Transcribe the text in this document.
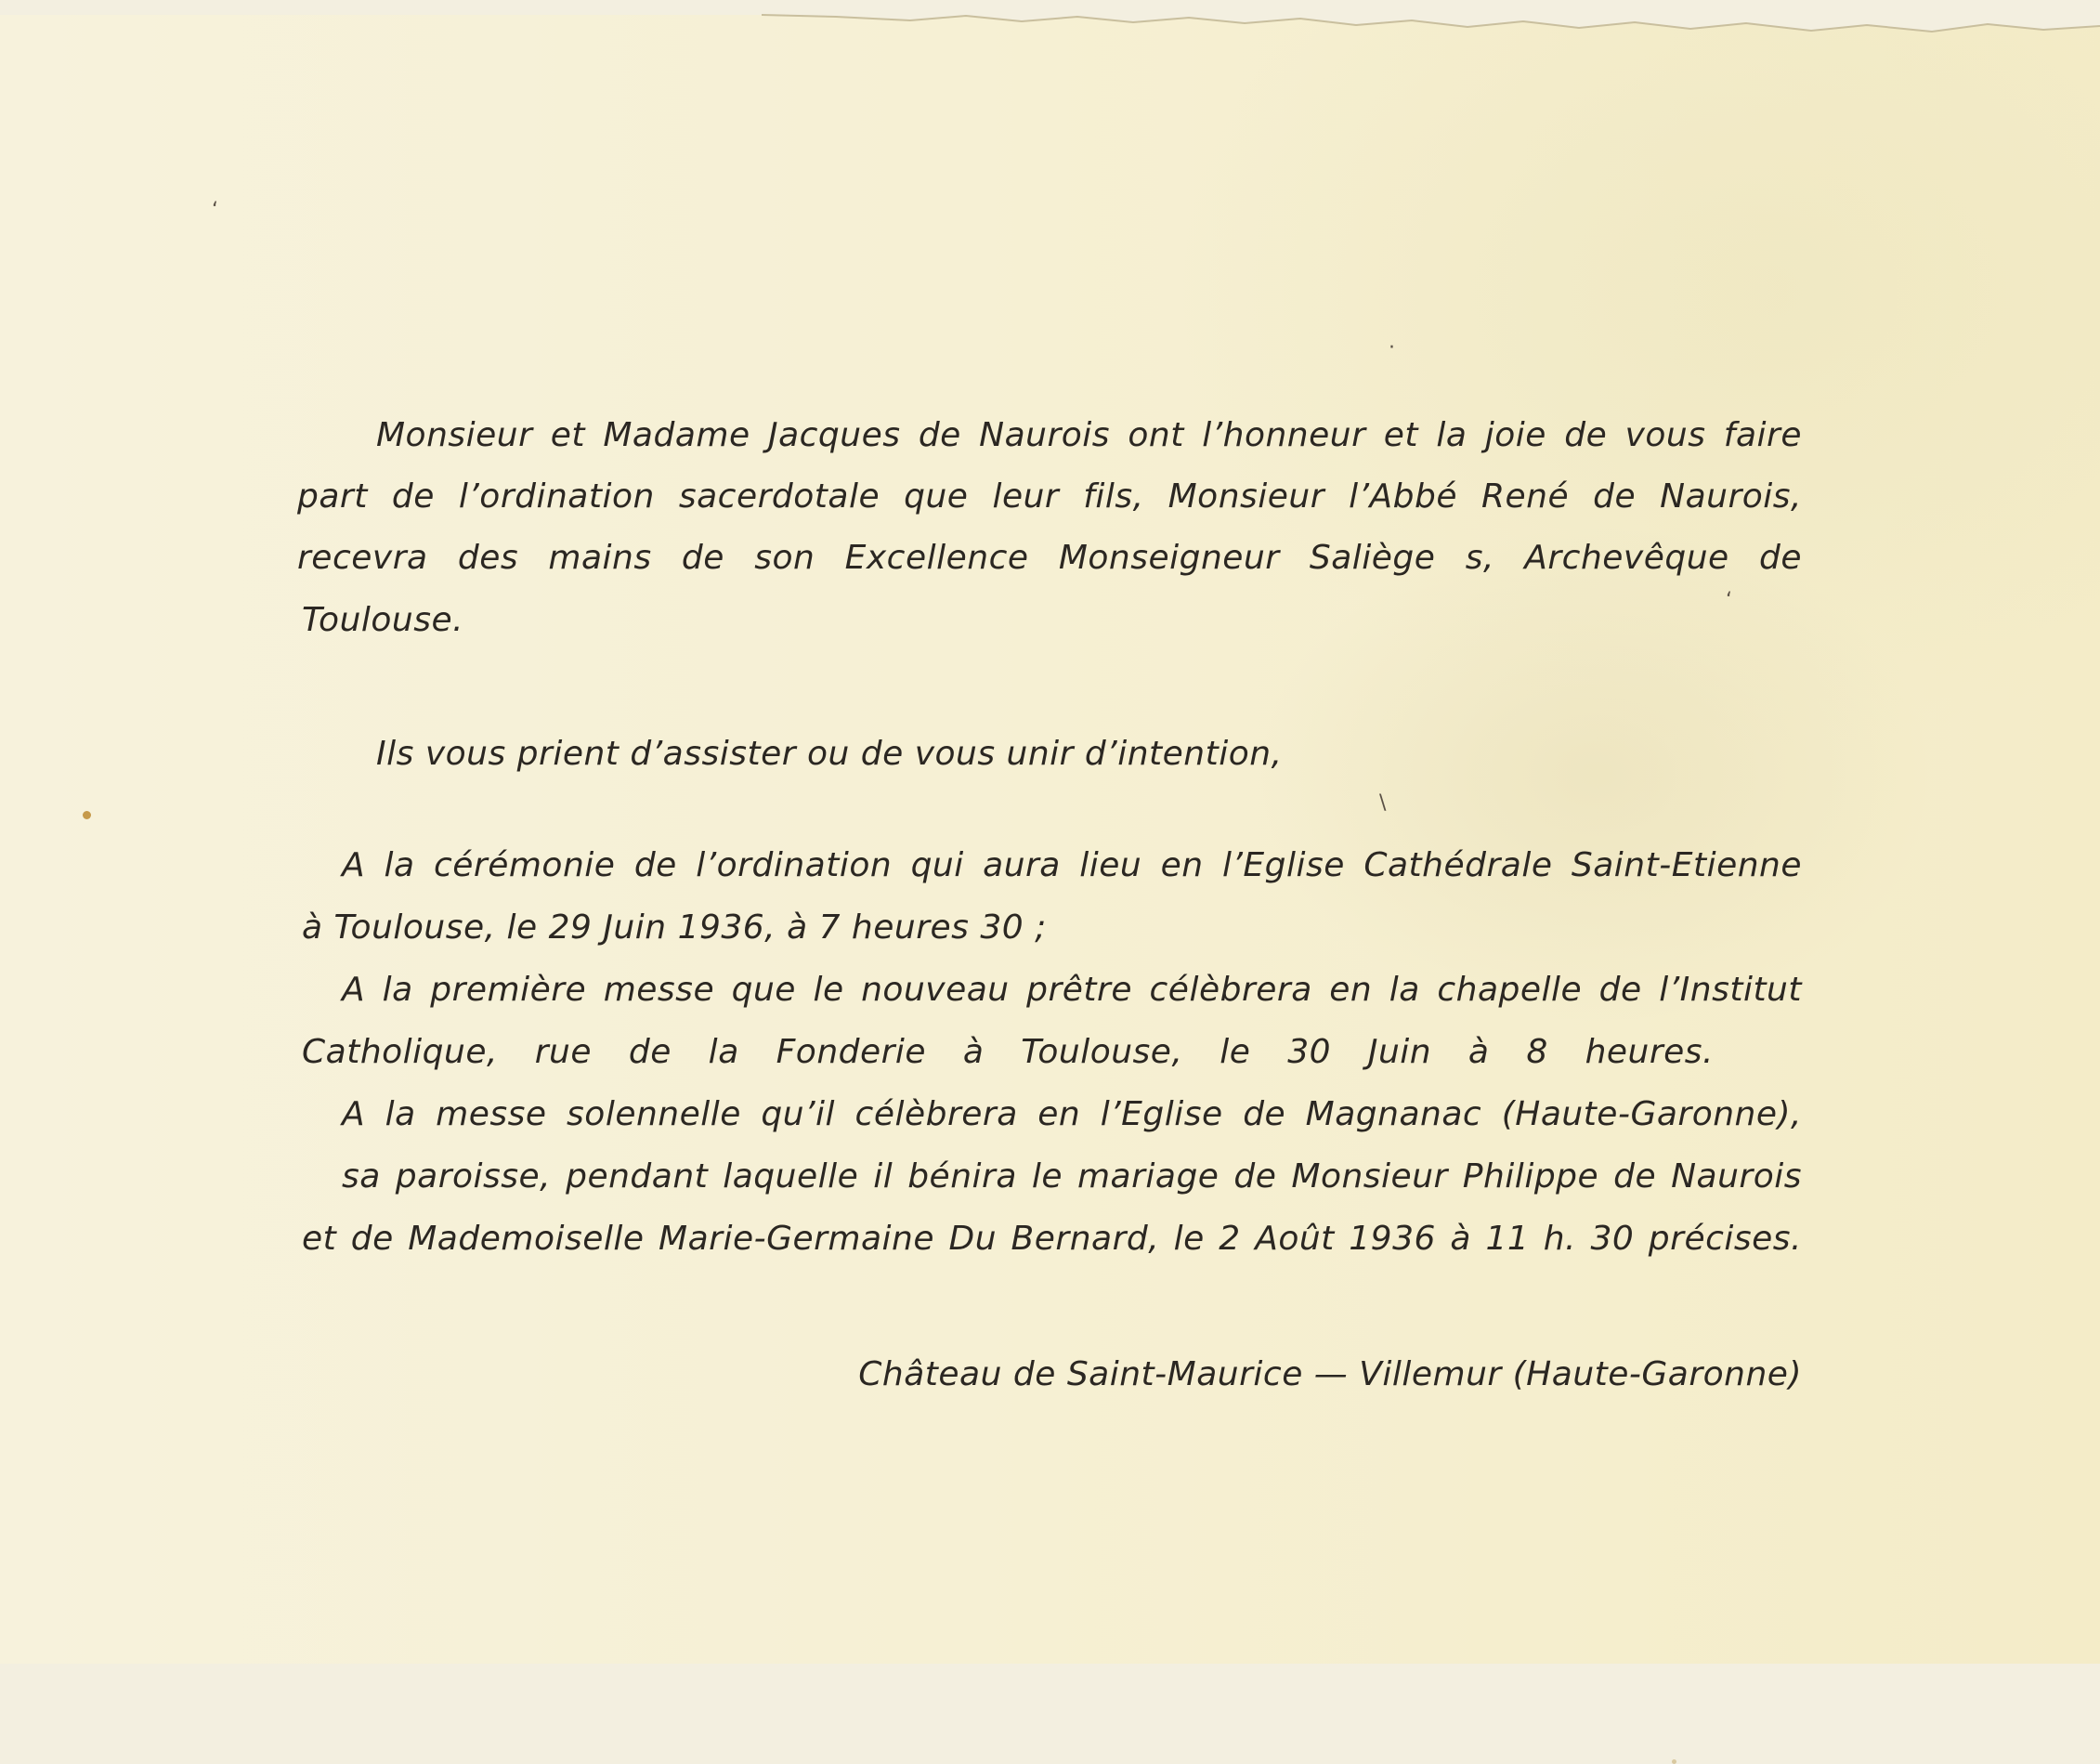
Monsieur et Madame Jacques de Naurois ont l’honneur et la joie de vous faire
part de l’ordination sacerdotale que leur fils, Monsieur l’Abbé René de Naurois,
recevra des mains de son Excellence Monseigneur Saliège s, Archevêque de
Toulouse.
Ils vous prient d’assister ou de vous unir d’intention,
A la cérémonie de l’ordination qui aura lieu en l’Eglise Cathédrale Saint-Etienne
à Toulouse, le 29 Juin 1936, à 7 heures 30 ;
A la première messe que le nouveau prêtre célèbrera en la chapelle de l’Institut
Catholique, rue de la Fonderie à Toulouse, le 30 Juin à 8 heures.
A la messe solennelle qu’il célèbrera en l’Eglise de Magnanac (Haute-Garonne),
sa paroisse, pendant laquelle il bénira le mariage de Monsieur Philippe de Naurois
et de Mademoiselle Marie-Germaine Du Bernard, le 2 Août 1936 à 11 h. 30 précises.
Château de Saint-Maurice — Villemur (Haute-Garonne)
‘
·
\
‘
